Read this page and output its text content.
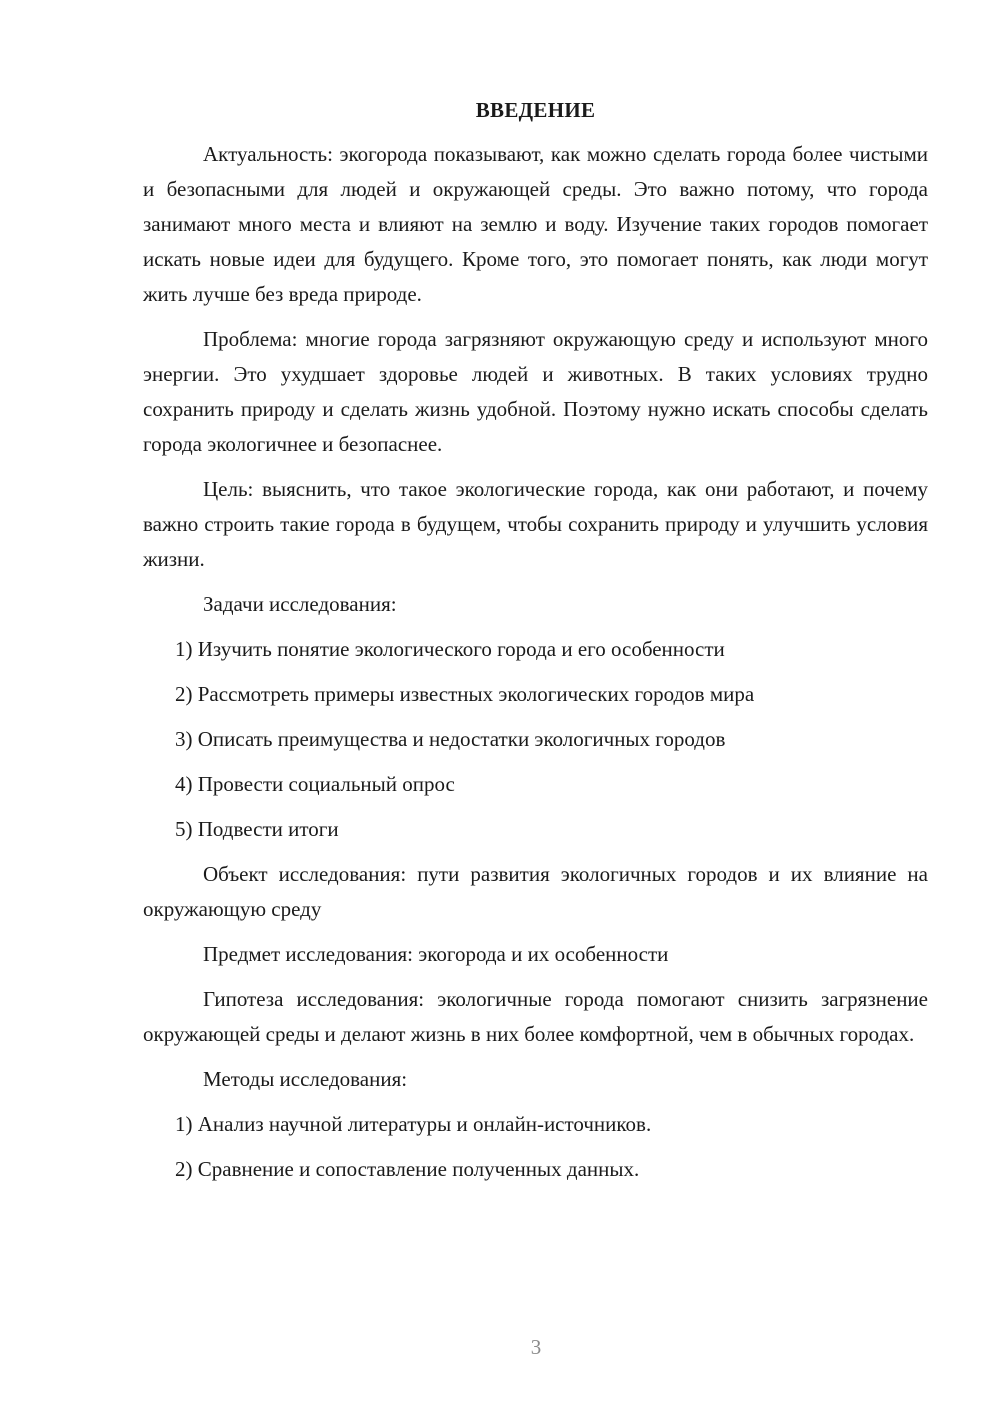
ВВЕДЕНИЕ

Актуальность: экогорода показывают, как можно сделать города более чистыми и безопасными для людей и окружающей среды. Это важно потому, что города занимают много места и влияют на землю и воду. Изучение таких городов помогает искать новые идеи для будущего. Кроме того, это помогает понять, как люди могут жить лучше без вреда природе.

Проблема: многие города загрязняют окружающую среду и используют много энергии. Это ухудшает здоровье людей и животных. В таких условиях трудно сохранить природу и сделать жизнь удобной. Поэтому нужно искать способы сделать города экологичнее и безопаснее.

Цель: выяснить, что такое экологические города, как они работают, и почему важно строить такие города в будущем, чтобы сохранить природу и улучшить условия жизни.

Задачи исследования:

1) Изучить понятие экологического города и его особенности

2) Рассмотреть примеры известных экологических городов мира

3) Описать преимущества и недостатки экологичных городов

4) Провести социальный опрос

5) Подвести итоги

Объект исследования: пути развития экологичных городов и их влияние на окружающую среду

Предмет исследования: экогорода и их особенности

Гипотеза исследования: экологичные города помогают снизить загрязнение окружающей среды и делают жизнь в них более комфортной, чем в обычных городах.

Методы исследования:

1) Анализ научной литературы и онлайн-источников.

2) Сравнение и сопоставление полученных данных.

3
